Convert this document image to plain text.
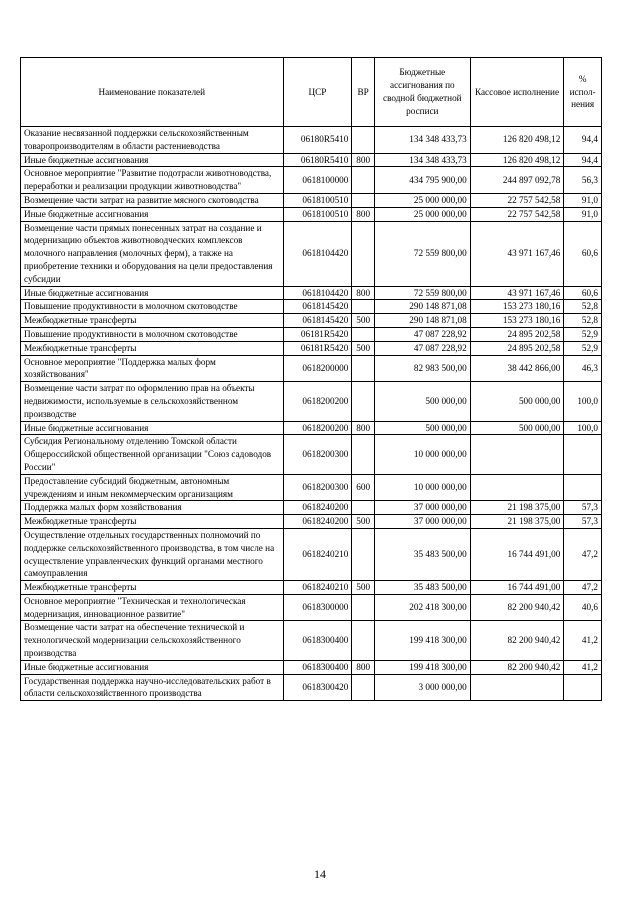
Наименование показателей	ЦСР	ВР	Бюджетные ассигнования по сводной бюджетной росписи	Кассовое исполнение	% испол-нения
Оказание несвязанной поддержки сельскохозяйственным товаропроизводителям в области растениеводства	06180R5410		134 348 433,73	126 820 498,12	94,4
Иные бюджетные ассигнования	06180R5410	800	134 348 433,73	126 820 498,12	94,4
Основное мероприятие "Развитие подотрасли животноводства, переработки и реализации продукции животноводства"	0618100000		434 795 900,00	244 897 092,78	56,3
Возмещение части затрат на развитие мясного скотоводства	0618100510		25 000 000,00	22 757 542,58	91,0
Иные бюджетные ассигнования	0618100510	800	25 000 000,00	22 757 542,58	91,0
Возмещение части прямых понесенных затрат на создание и модернизацию объектов животноводческих комплексов молочного направления (молочных ферм), а также на приобретение техники и оборудования на цели предоставления субсидии	0618104420		72 559 800,00	43 971 167,46	60,6
Иные бюджетные ассигнования	0618104420	800	72 559 800,00	43 971 167,46	60,6
Повышение продуктивности в молочном скотоводстве	0618145420		290 148 871,08	153 273 180,16	52,8
Межбюджетные трансферты	0618145420	500	290 148 871,08	153 273 180,16	52,8
Повышение продуктивности в молочном скотоводстве	06181R5420		47 087 228,92	24 895 202,58	52,9
Межбюджетные трансферты	06181R5420	500	47 087 228,92	24 895 202,58	52,9
Основное мероприятие "Поддержка малых форм хозяйствования"	0618200000		82 983 500,00	38 442 866,00	46,3
Возмещение части затрат по оформлению прав на объекты недвижимости, используемые в сельскохозяйственном производстве	0618200200		500 000,00	500 000,00	100,0
Иные бюджетные ассигнования	0618200200	800	500 000,00	500 000,00	100,0
Субсидия Региональному отделению Томской области Общероссийской общественной организации "Союз садоводов России"	0618200300		10 000 000,00		
Предоставление субсидий бюджетным, автономным учреждениям и иным некоммерческим организациям	0618200300	600	10 000 000,00		
Поддержка малых форм хозяйствования	0618240200		37 000 000,00	21 198 375,00	57,3
Межбюджетные трансферты	0618240200	500	37 000 000,00	21 198 375,00	57,3
Осуществление отдельных государственных полномочий по поддержке сельскохозяйственного производства, в том числе на осуществление управленческих функций органами местного самоуправления	0618240210		35 483 500,00	16 744 491,00	47,2
Межбюджетные трансферты	0618240210	500	35 483 500,00	16 744 491,00	47,2
Основное мероприятие "Техническая и технологическая модернизация, инновационное развитие"	0618300000		202 418 300,00	82 200 940,42	40,6
Возмещение части затрат на обеспечение технической и технологической модернизации сельскохозяйственного производства	0618300400		199 418 300,00	82 200 940,42	41,2
Иные бюджетные ассигнования	0618300400	800	199 418 300,00	82 200 940,42	41,2
Государственная поддержка научно-исследовательских работ в области сельскохозяйственного производства	0618300420		3 000 000,00		
14
